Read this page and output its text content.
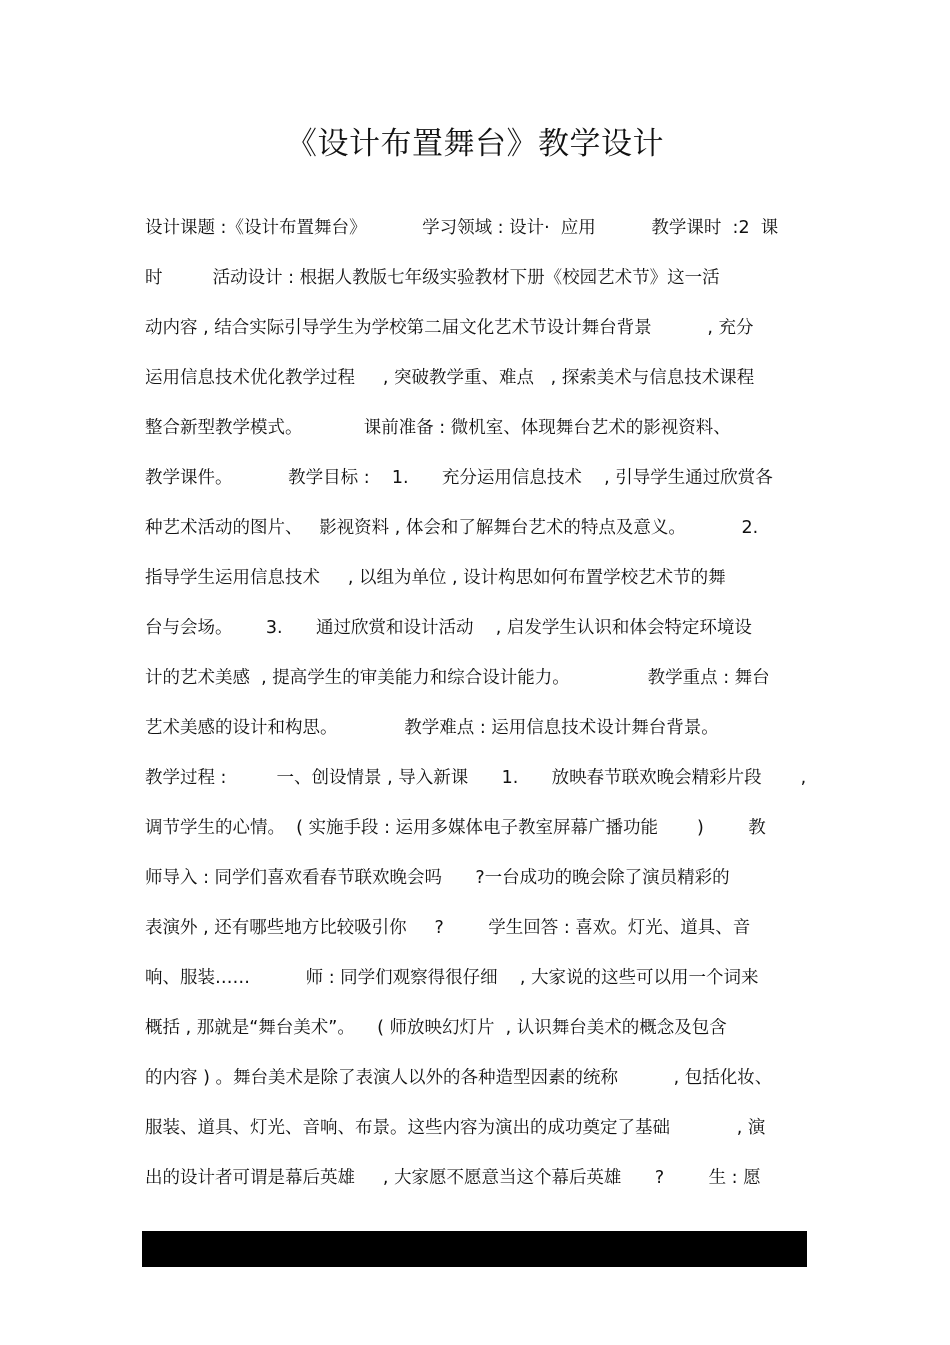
《设计布置舞台》教学设计
设计课题 :《设计布置舞台》          学习领域 : 设计·  应用          教学课时  :2  课
时         活动设计 : 根据人教版七年级实验教材下册《校园艺术节》这一活
动内容 , 结合实际引导学生为学校第二届文化艺术节设计舞台背景          , 充分
运用信息技术优化教学过程     , 突破教学重、难点   , 探索美术与信息技术课程
整合新型教学模式。           课前准备 : 微机室、体现舞台艺术的影视资料、
教学课件。          教学目标 :    1.      充分运用信息技术    , 引导学生通过欣赏各
种艺术活动的图片、   影视资料 , 体会和了解舞台艺术的特点及意义。          2.
指导学生运用信息技术     , 以组为单位 , 设计构思如何布置学校艺术节的舞
台与会场。      3.      通过欣赏和设计活动    , 启发学生认识和体会特定环境设
计的艺术美感  , 提高学生的审美能力和综合设计能力。              教学重点 : 舞台
艺术美感的设计和构思。            教学难点 : 运用信息技术设计舞台背景。
教学过程 :         一、创设情景 , 导入新课      1.      放映春节联欢晚会精彩片段       ,
调节学生的心情。  ( 实施手段 : 运用多媒体电子教室屏幕广播功能       )        教
师导入 : 同学们喜欢看春节联欢晚会吗      ?一台成功的晚会除了演员精彩的
表演外 , 还有哪些地方比较吸引你     ?        学生回答 : 喜欢。灯光、道具、音
响、服装……          师 : 同学们观察得很仔细    , 大家说的这些可以用一个词来
概括 , 那就是“舞台美术”。    ( 师放映幻灯片  , 认识舞台美术的概念及包含
的内容 ) 。舞台美术是除了表演人以外的各种造型因素的统称          , 包括化妆、
服装、道具、灯光、音响、布景。这些内容为演出的成功奠定了基础            , 演
出的设计者可谓是幕后英雄     , 大家愿不愿意当这个幕后英雄      ?        生 : 愿
